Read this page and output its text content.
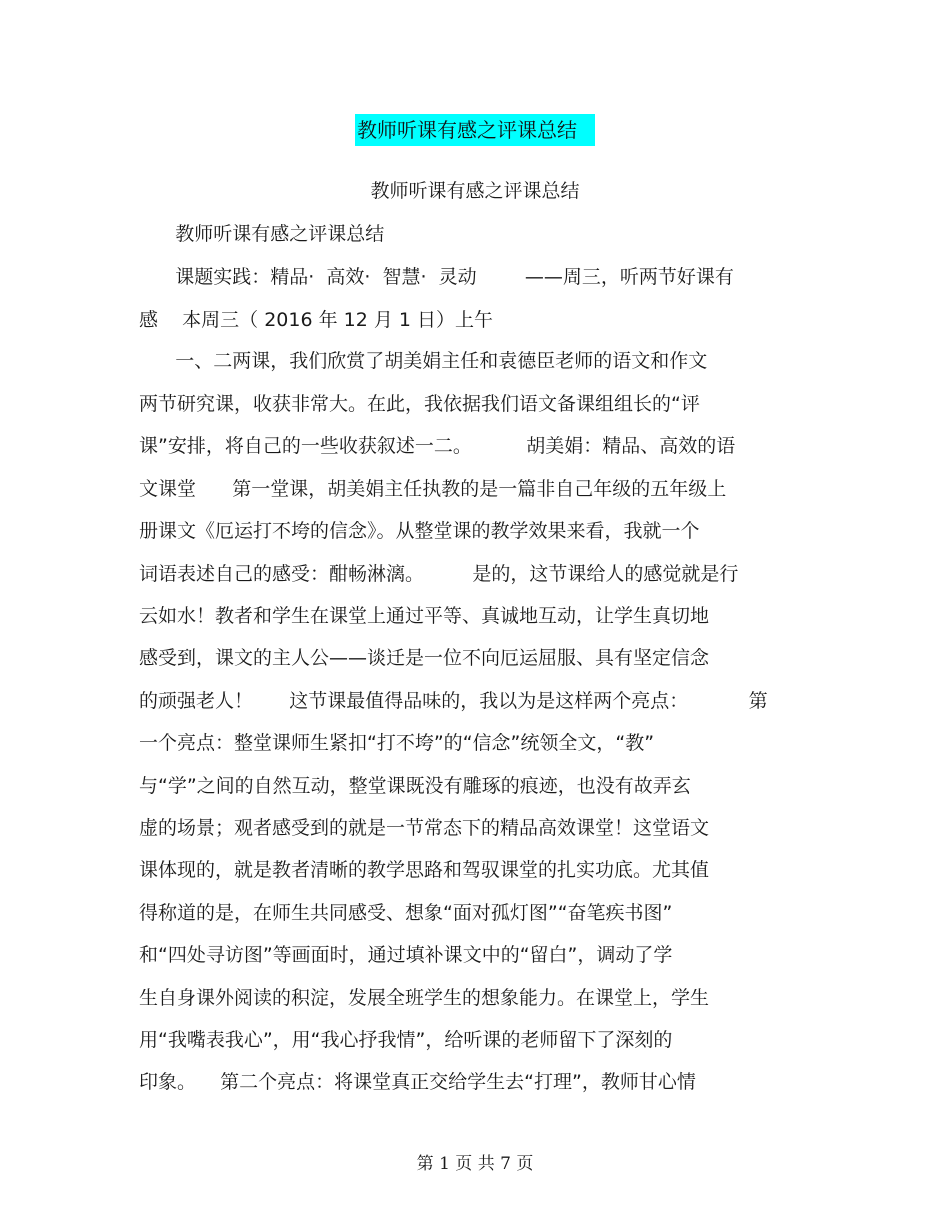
教师听课有感之评课总结
教师听课有感之评课总结
教师听课有感之评课总结
课题实践：精品·  高效·  智慧·  灵动        ——周三，听两节好课有
感    本周三（ 2016 年 12 月 1 日）上午
一、二两课，我们欣赏了胡美娟主任和袁德臣老师的语文和作文
两节研究课，收获非常大。在此，我依据我们语文备课组组长的“评
课”安排，将自己的一些收获叙述一二。         胡美娟：精品、高效的语
文课堂      第一堂课，胡美娟主任执教的是一篇非自己年级的五年级上
册课文《厄运打不垮的信念》。从整堂课的教学效果来看，我就一个
词语表述自己的感受：酣畅淋漓。        是的，这节课给人的感觉就是行
云如水！教者和学生在课堂上通过平等、真诚地互动，让学生真切地
感受到，课文的主人公——谈迁是一位不向厄运屈服、具有坚定信念
的顽强老人！      这节课最值得品味的，我以为是这样两个亮点：          第
一个亮点：整堂课师生紧扣“打不垮”的“信念”统领全文，“教”
与“学”之间的自然互动，整堂课既没有雕琢的痕迹，也没有故弄玄
虚的场景；观者感受到的就是一节常态下的精品高效课堂！这堂语文
课体现的，就是教者清晰的教学思路和驾驭课堂的扎实功底。尤其值
得称道的是，在师生共同感受、想象“面对孤灯图”“奋笔疾书图”
和“四处寻访图”等画面时，通过填补课文中的“留白”，调动了学
生自身课外阅读的积淀，发展全班学生的想象能力。在课堂上，学生
用“我嘴表我心”，用“我心抒我情”，给听课的老师留下了深刻的
印象。    第二个亮点：将课堂真正交给学生去“打理”，教师甘心情
第 1 页 共 7 页
